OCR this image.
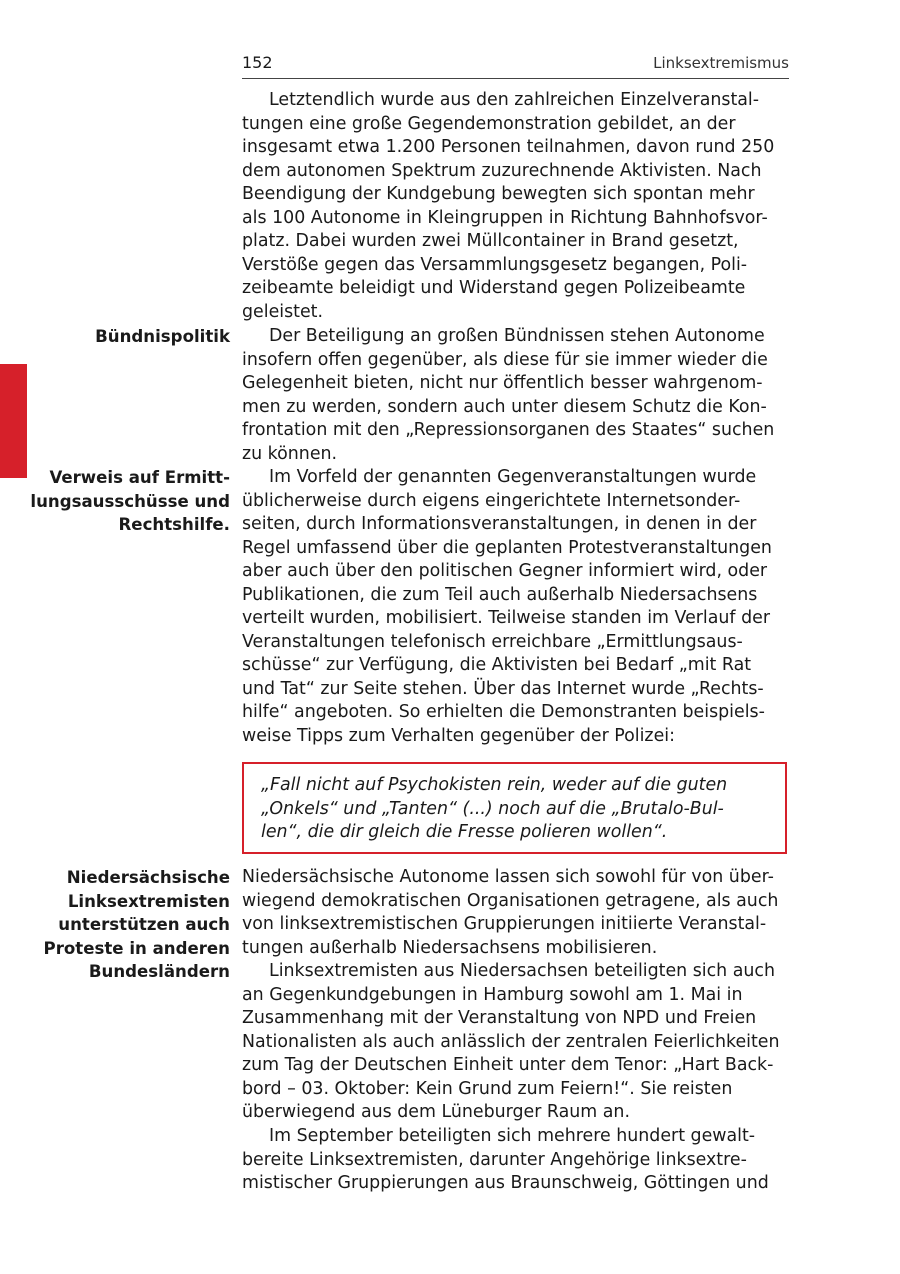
152	Linksextremismus

Letztendlich wurde aus den zahlreichen Einzelveranstal-
tungen eine große Gegendemonstration gebildet, an der
insgesamt etwa 1.200 Personen teilnahmen, davon rund 250
dem autonomen Spektrum zuzurechnende Aktivisten. Nach
Beendigung der Kundgebung bewegten sich spontan mehr
als 100 Autonome in Kleingruppen in Richtung Bahnhofsvor-
platz. Dabei wurden zwei Müllcontainer in Brand gesetzt,
Verstöße gegen das Versammlungsgesetz begangen, Poli-
zeibeamte beleidigt und Widerstand gegen Polizeibeamte
geleistet.

Bündnispolitik	Der Beteiligung an großen Bündnissen stehen Autonome
insofern offen gegenüber, als diese für sie immer wieder die
Gelegenheit bieten, nicht nur öffentlich besser wahrgenom-
men zu werden, sondern auch unter diesem Schutz die Kon-
frontation mit den „Repressionsorganen des Staates“ suchen
zu können.

Verweis auf Ermitt-
lungsausschüsse und
Rechtshilfe.

Im Vorfeld der genannten Gegenveranstaltungen wurde
üblicherweise durch eigens eingerichtete Internetsonder-
seiten, durch Informationsveranstaltungen, in denen in der
Regel umfassend über die geplanten Protestveranstaltungen
aber auch über den politischen Gegner informiert wird, oder
Publikationen, die zum Teil auch außerhalb Niedersachsens
verteilt wurden, mobilisiert. Teilweise standen im Verlauf der
Veranstaltungen telefonisch erreichbare „Ermittlungsaus-
schüsse“ zur Verfügung, die Aktivisten bei Bedarf „mit Rat
und Tat“ zur Seite stehen. Über das Internet wurde „Rechts-
hilfe“ angeboten. So erhielten die Demonstranten beispiels-
weise Tipps zum Verhalten gegenüber der Polizei:

„Fall nicht auf Psychokisten rein, weder auf die guten
„Onkels“ und „Tanten“ (...) noch auf die „Brutalo-Bul-
len“, die dir gleich die Fresse polieren wollen“.

Niedersächsische
Linksextremisten
unterstützen auch
Proteste in anderen
Bundesländern

Niedersächsische Autonome lassen sich sowohl für von über-
wiegend demokratischen Organisationen getragene, als auch
von linksextremistischen Gruppierungen initiierte Veranstal-
tungen außerhalb Niedersachsens mobilisieren.

Linksextremisten aus Niedersachsen beteiligten sich auch
an Gegenkundgebungen in Hamburg sowohl am 1. Mai in
Zusammenhang mit der Veranstaltung von NPD und Freien
Nationalisten als auch anlässlich der zentralen Feierlichkeiten
zum Tag der Deutschen Einheit unter dem Tenor: „Hart Back-
bord – 03. Oktober: Kein Grund zum Feiern!“. Sie reisten
überwiegend aus dem Lüneburger Raum an.

Im September beteiligten sich mehrere hundert gewalt-
bereite Linksextremisten, darunter Angehörige linksextre-
mistischer Gruppierungen aus Braunschweig, Göttingen und
